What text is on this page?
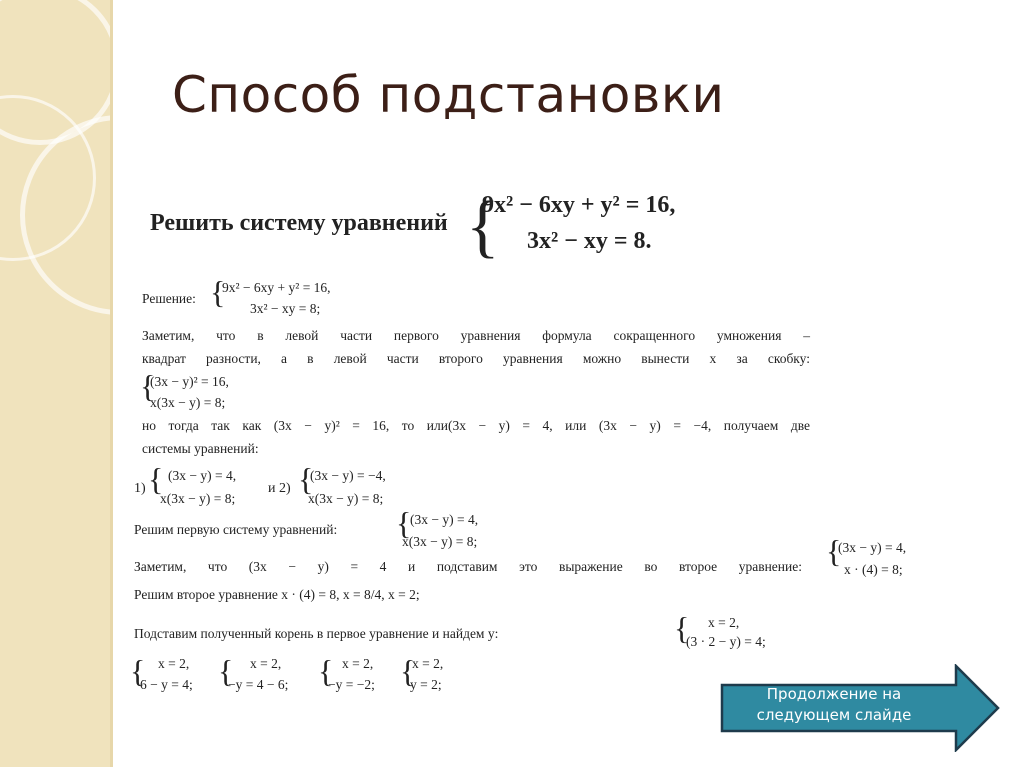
Способ подстановки
Решить систему уравнений {
9x² − 6xy + y² = 16,
3x² − xy = 8.
Решение: {
9x² − 6xy + y² = 16,
3x² − xy = 8;
Заметим, что в левой части первого уравнения формула сокращенного умножения –
квадрат разности, а в левой части второго уравнения можно вынести x за скобку:
{
(3x − y)² = 16,
x(3x − y) = 8;
но тогда так как (3x − y)² = 16, то или(3x − y) = 4, или (3x − y) = −4, получаем две
системы уравнений:
1) { (3x − y) = 4,
x(3x − y) = 8;
и 2) {
(3x − y) = −4,
x(3x − y) = 8;
Решим первую систему уравнений: {
(3x − y) = 4,
x(3x − y) = 8;
Заметим, что (3x − y) = 4 и подставим это выражение во второе уравнение: {
(3x − y) = 4,
x · (4) = 8;
Решим второе уравнение x · (4) = 8, x = 8/4, x = 2;
Подставим полученный корень в первое уравнение и найдем y:	{ x = 2,
(3 · 2 − y) = 4;
{ x = 2,
6 − y = 4; { x = 2,
−y = 4 − 6; { x = 2,
−y = −2; {
x = 2,
y = 2;
Продолжение на следующем слайде
